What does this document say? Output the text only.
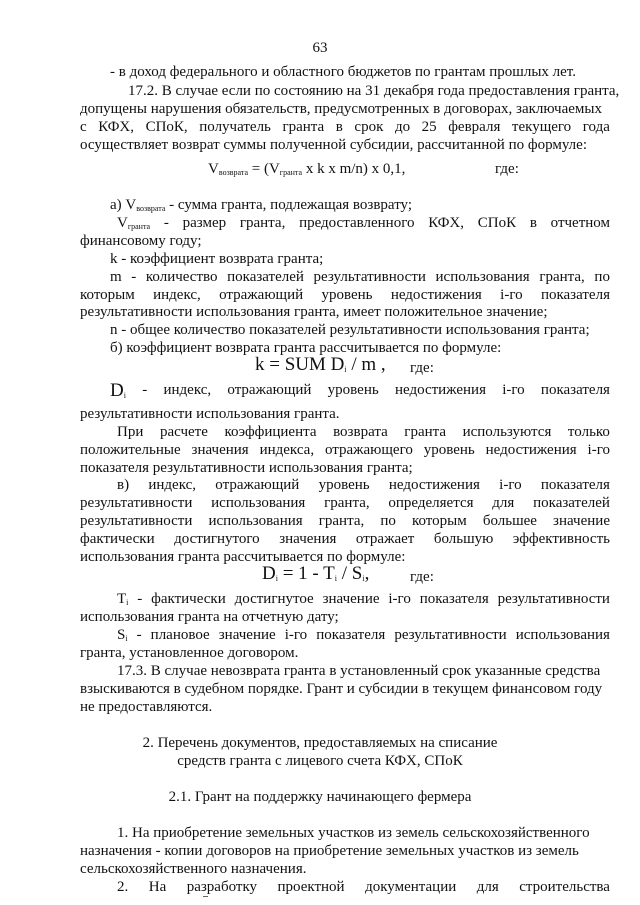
63
- в доход федерального и областного бюджетов по грантам прошлых лет.
17.2. В случае если по состоянию на 31 декабря года предоставления гранта,
допущены нарушения обязательств, предусмотренных в договорах, заключаемых
с КФХ, СПоК, получатель гранта в срок до 25 февраля текущего года
осуществляет возврат суммы полученной субсидии, рассчитанной по формуле:
$V_{возврата} = (V_{гранта}$ x k x m/n) x 0,1,	где:
а) $V_{возврата}$ - сумма гранта, подлежащая возврату;
$V_{гранта}$ - размер гранта, предоставленного КФХ, СПоК в отчетном
финансовому году;
k - коэффициент возврата гранта;
m - количество показателей результативности использования гранта, по
которым индекс, отражающий уровень недостижения i-го показателя
результативности использования гранта, имеет положительное значение;
n - общее количество показателей результативности использования гранта;
б) коэффициент возврата гранта рассчитывается по формуле:
k = SUM $D_i$ / m ,	где:
$D_i$ - индекс, отражающий уровень недостижения i-го показателя
результативности использования гранта.
При расчете коэффициента возврата гранта используются только
положительные значения индекса, отражающего уровень недостижения i-го
показателя результативности использования гранта;
в) индекс, отражающий уровень недостижения i-го показателя
результативности использования гранта, определяется для показателей
результативности использования гранта, по которым большее значение
фактически достигнутого значения отражает большую эффективность
использования гранта рассчитывается по формуле:
$D_i = 1 - T_i / S_i$,	где:
$T_i$ - фактически достигнутое значение i-го показателя результативности
использования гранта на отчетную дату;
$S_i$ - плановое значение i-го показателя результативности использования
гранта, установленное договором.
17.3. В случае невозврата гранта в установленный срок указанные средства
взыскиваются в судебном порядке. Грант и субсидии в текущем финансовом году
не предоставляются.
2. Перечень документов, предоставляемых на списание
средств гранта с лицевого счета КФХ, СПоК
2.1. Грант на поддержку начинающего фермера
1. На приобретение земельных участков из земель сельскохозяйственного
назначения - копии договоров на приобретение земельных участков из земель
сельскохозяйственного назначения.
2. На разработку проектной документации для строительства
